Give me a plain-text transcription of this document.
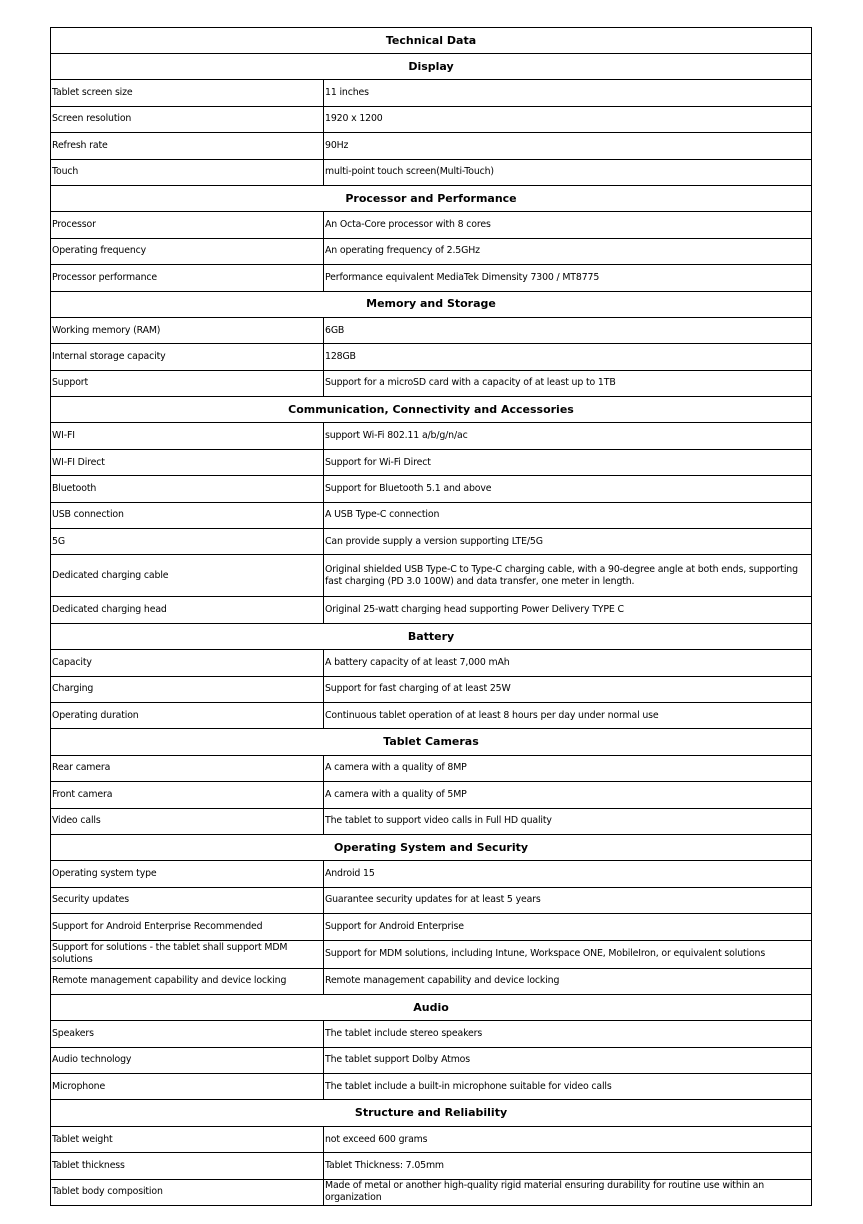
Technical Data	
Display	
Tablet screen size	11 inches
Screen resolution	1920 x 1200
Refresh rate	90Hz
Touch	multi-point touch screen(Multi-Touch)
Processor and Performance	
Processor	An Octa-Core processor with 8 cores
Operating frequency	An operating frequency of 2.5GHz
Processor performance	Performance equivalent MediaTek Dimensity 7300 / MT8775
Memory and Storage	
Working memory (RAM)	6GB
Internal storage capacity	128GB
Support	Support for a microSD card with a capacity of at least up to 1TB
Communication, Connectivity and Accessories	
WI-FI	support Wi-Fi 802.11 a/b/g/n/ac
WI-FI Direct	Support for Wi-Fi Direct
Bluetooth	Support for Bluetooth 5.1 and above
USB connection	A USB Type-C connection
5G	Can provide supply a version supporting LTE/5G
Dedicated charging cable	Original shielded USB Type-C to Type-C charging cable, with a 90-degree angle at both ends, supporting fast charging (PD 3.0 100W) and data transfer, one meter in length.
Dedicated charging head	Original 25-watt charging head supporting Power Delivery TYPE C
Battery	
Capacity	A battery capacity of at least 7,000 mAh
Charging	Support for fast charging of at least 25W
Operating duration	Continuous tablet operation of at least 8 hours per day under normal use
Tablet Cameras	
Rear camera	A camera with a quality of 8MP
Front camera	A camera with a quality of 5MP
Video calls	The tablet to support video calls in Full HD quality
Operating System and Security	
Operating system type	Android 15
Security updates	Guarantee security updates for at least 5 years
Support for Android Enterprise Recommended	Support for Android Enterprise
Support for solutions - the tablet shall support MDM solutions	Support for MDM solutions, including Intune, Workspace ONE, MobileIron, or equivalent solutions
Remote management capability and device locking	Remote management capability and device locking
Audio	
Speakers	The tablet include stereo speakers
Audio technology	The tablet support Dolby Atmos
Microphone	The tablet include a built-in microphone suitable for video calls
Structure and Reliability	
Tablet weight	not exceed 600 grams
Tablet thickness	Tablet Thickness: 7.05mm
Tablet body composition	Made of metal or another high-quality rigid material ensuring durability for routine use within an organization
